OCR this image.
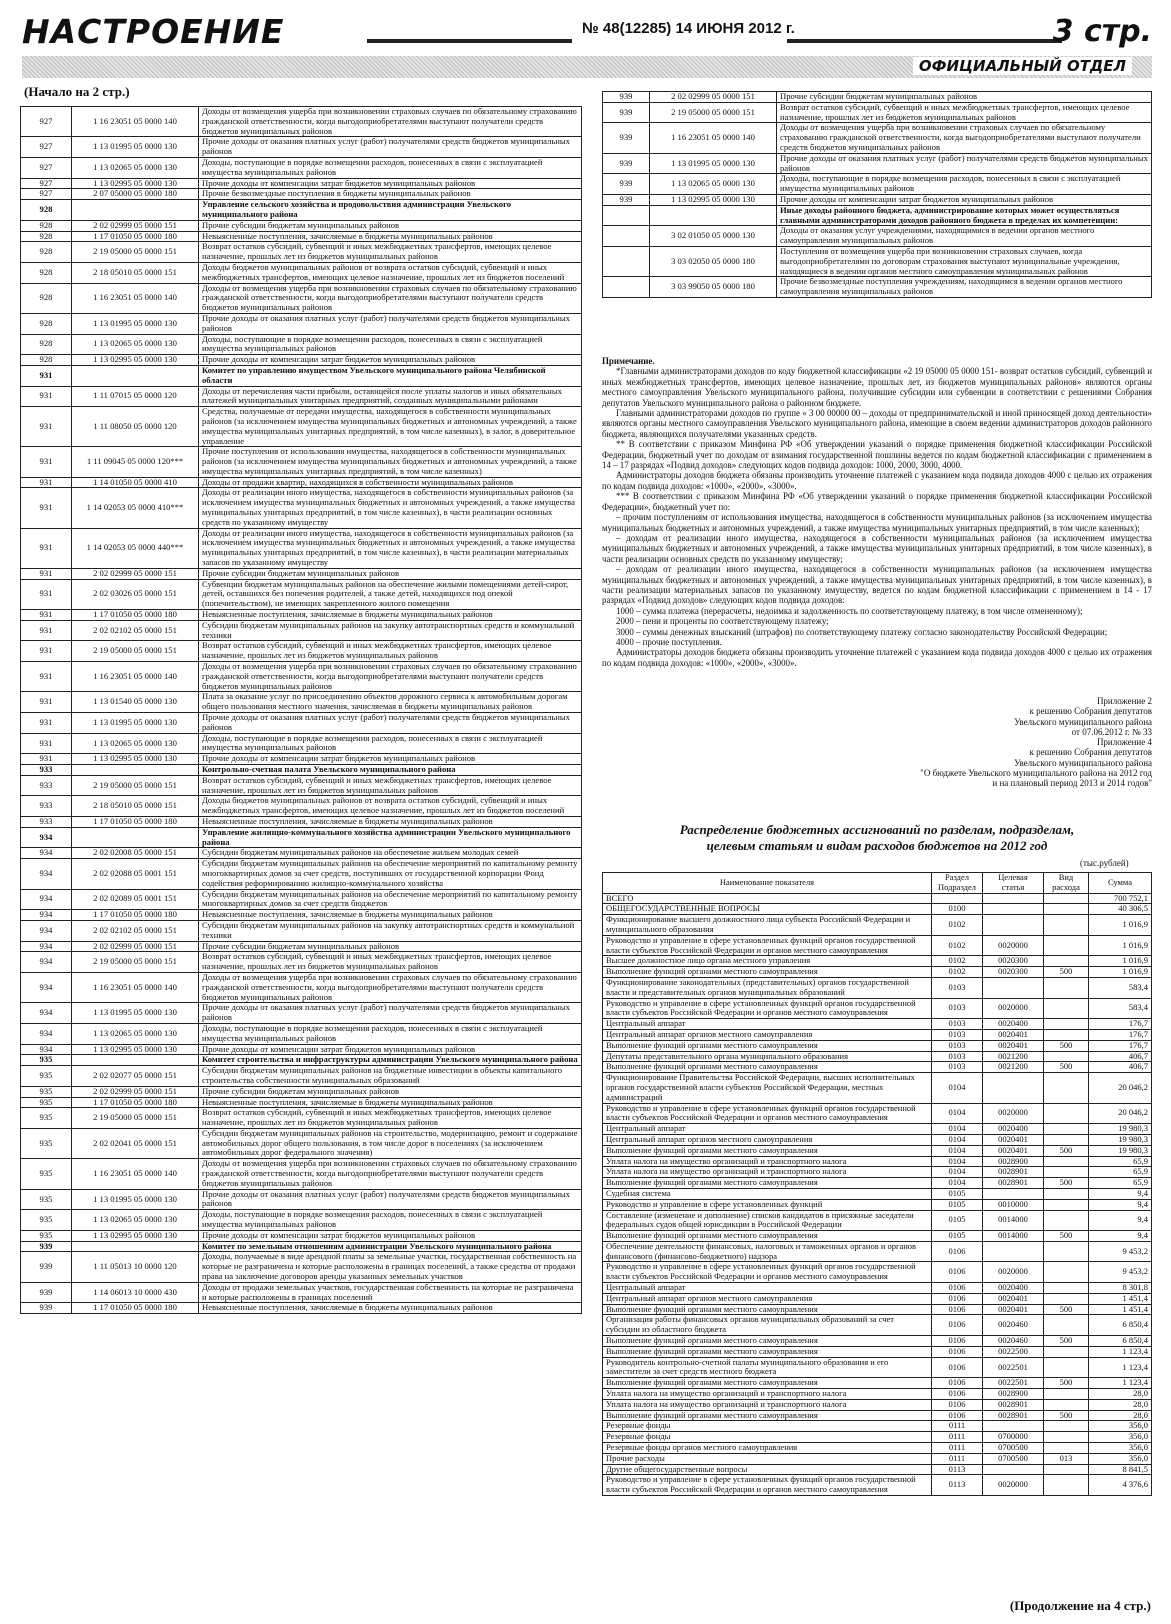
НАСТРОЕНИЕ	№ 48(12285) 14 ИЮНЯ 2012 г.	3 стр.
ОФИЦИАЛЬНЫЙ ОТДЕЛ
(Начало на 2 стр.)
927	1 16 23051 05 0000 140	Доходы от возмещения ущерба при возникновении страховых случаев по обязательному страхованию гражданской ответственности, когда выгодоприобретателями выступают получатели средств бюджетов муниципальных районов
927	1 13 01995 05 0000 130	Прочие доходы от оказания платных услуг (работ) получателями средств бюджетов муниципальных районов
927	1 13 02065 05 0000 130	Доходы, поступающие в порядке возмещения расходов, понесенных в связи с эксплуатацией имущества муниципальных районов
927	1 13 02995 05 0000 130	Прочие доходы от компенсации затрат бюджетов муниципальных районов
927	2 07 05000 05 0000 180	Прочие безвозмездные поступления в бюджеты муниципальных районов
928		Управление сельского хозяйства и продовольствия администрации Увельского муниципального района
928	2 02 02999 05 0000 151	Прочие субсидии бюджетам муниципальных районов
928	1 17 01050 05 0000 180	Невыясненные поступления, зачисляемые в бюджеты муниципальных районов
928	2 19 05000 05 0000 151	Возврат остатков субсидий, субвенций и иных межбюджетных трансфертов, имеющих целевое назначение, прошлых лет из бюджетов муниципальных районов
928	2 18 05010 05 0000 151	Доходы бюджетов муниципальных районов от возврата остатков субсидий, субвенций и иных межбюджетных трансфертов, имеющих целевое назначение, прошлых лет из бюджетов поселений
928	1 16 23051 05 0000 140	Доходы от возмещения ущерба при возникновении страховых случаев по обязательному страхованию гражданской ответственности, когда выгодоприобретателями выступают получатели средств бюджетов муниципальных районов
928	1 13 01995 05 0000 130	Прочие доходы от оказания платных услуг (работ) получателями средств бюджетов муниципальных районов
928	1 13 02065 05 0000 130	Доходы, поступающие в порядке возмещения расходов, понесенных в связи с эксплуатацией имущества муниципальных районов
928	1 13 02995 05 0000 130	Прочие доходы от компенсации затрат бюджетов муниципальных районов
931		Комитет по управлению имуществом Увельского муниципального района Челябинской области
931	1 11 07015 05 0000 120	Доходы от перечисления части прибыли, остающейся после уплаты налогов и иных обязательных платежей муниципальных унитарных предприятий, созданных муниципальными районами
931	1 11 08050 05 0000 120	Средства, получаемые от передачи имущества, находящегося в собственности муниципальных районов (за исключением имущества муниципальных бюджетных и автономных учреждений, а также имущества муниципальных унитарных предприятий, в том числе казенных), в залог, в доверительное управление
931	1 11 09045 05 0000 120***	Прочие поступления от использования имущества, находящегося в собственности муниципальных районов (за исключением имущества муниципальных бюджетных и автономных учреждений, а также имущества муниципальных унитарных предприятий, в том числе казенных)
931	1 14 01050 05 0000 410	Доходы от продажи квартир, находящихся в собственности муниципальных районов
931	1 14 02053 05 0000 410***	Доходы от реализации иного имущества, находящегося в собственности муниципальных районов (за исключением имущества муниципальных бюджетных и автономных учреждений, а также имущества муниципальных унитарных предприятий, в том числе казенных), в части реализации основных средств по указанному имуществу
931	1 14 02053 05 0000 440***	Доходы от реализации иного имущества, находящегося в собственности муниципальных районов (за исключением имущества муниципальных бюджетных и автономных учреждений, а также имущества муниципальных унитарных предприятий, в том числе казенных), в части реализации материальных запасов по указанному имуществу
931	2 02 02999 05 0000 151	Прочие субсидии бюджетам муниципальных районов
931	2 02 03026 05 0000 151	Субвенции бюджетам муниципальных районов на обеспечение жилыми помещениями детей-сирот, детей, оставшихся без попечения родителей, а также детей, находящихся под опекой (попечительством), не имеющих закрепленного жилого помещения
931	1 17 01050 05 0000 180	Невыясненные поступления, зачисляемые в бюджеты муниципальных районов
931	2 02 02102 05 0000 151	Субсидии бюджетам муниципальных районов на закупку автотранспортных средств и коммунальной техники
931	2 19 05000 05 0000 151	Возврат остатков субсидий, субвенций и иных межбюджетных трансфертов, имеющих целевое назначение, прошлых лет из бюджетов муниципальных районов
931	1 16 23051 05 0000 140	Доходы от возмещения ущерба при возникновении страховых случаев по обязательному страхованию гражданской ответственности, когда выгодоприобретателями выступают получатели средств бюджетов муниципальных районов
931	1 13 01540 05 0000 130	Плата за оказание услуг по присоединению объектов дорожного сервиса к автомобильным дорогам общего пользования местного значения, зачисляемая в бюджеты муниципальных районов
931	1 13 01995 05 0000 130	Прочие доходы от оказания платных услуг (работ) получателями средств бюджетов муниципальных районов
931	1 13 02065 05 0000 130	Доходы, поступающие в порядке возмещения расходов, понесенных в связи с эксплуатацией имущества муниципальных районов
931	1 13 02995 05 0000 130	Прочие доходы от компенсации затрат бюджетов муниципальных районов
933		Контрольно-счетная палата Увельского муниципального района
933	2 19 05000 05 0000 151	Возврат остатков субсидий, субвенций и иных межбюджетных трансфертов, имеющих целевое назначение, прошлых лет из бюджетов муниципальных районов
933	2 18 05010 05 0000 151	Доходы бюджетов муниципальных районов от возврата остатков субсидий, субвенций и иных межбюджетных трансфертов, имеющих целевое назначение, прошлых лет из бюджетов поселений
933	1 17 01050 05 0000 180	Невыясненные поступления, зачисляемые в бюджеты муниципальных районов
934		Управление жилищно-коммунального хозяйства администрации Увельского муниципального района
934	2 02 02008 05 0000 151	Субсидии бюджетам муниципальных районов на обеспечение жильем молодых семей
934	2 02 02088 05 0001 151	Субсидии бюджетам муниципальных районов на обеспечение мероприятий по капитальному ремонту многоквартирных домов за счет средств, поступивших от государственной корпорации Фонд содействия реформированию жилищно-коммунального хозяйства
934	2 02 02089 05 0001 151	Субсидии бюджетам муниципальных районов на обеспечение мероприятий по капитальному ремонту многоквартирных домов за счет средств бюджетов
934	1 17 01050 05 0000 180	Невыясненные поступления, зачисляемые в бюджеты муниципальных районов
934	2 02 02102 05 0000 151	Субсидии бюджетам муниципальных районов на закупку автотранспортных средств и коммунальной техники
934	2 02 02999 05 0000 151	Прочие субсидии бюджетам муниципальных районов
934	2 19 05000 05 0000 151	Возврат остатков субсидий, субвенций и иных межбюджетных трансфертов, имеющих целевое назначение, прошлых лет из бюджетов муниципальных районов
934	1 16 23051 05 0000 140	Доходы от возмещения ущерба при возникновении страховых случаев по обязательному страхованию гражданской ответственности, когда выгодоприобретателями выступают получатели средств бюджетов муниципальных районов
934	1 13 01995 05 0000 130	Прочие доходы от оказания платных услуг (работ) получателями средств бюджетов муниципальных районов
934	1 13 02065 05 0000 130	Доходы, поступающие в порядке возмещения расходов, понесенных в связи с эксплуатацией имущества муниципальных районов
934	1 13 02995 05 0000 130	Прочие доходы от компенсации затрат бюджетов муниципальных районов
935		Комитет строительства и инфраструктуры администрации Увельского муниципального района
935	2 02 02077 05 0000 151	Субсидии бюджетам муниципальных районов на бюджетные инвестиции в объекты капитального строительства собственности муниципальных образований
935	2 02 02999 05 0000 151	Прочие субсидии бюджетам муниципальных районов
935	1 17 01050 05 0000 180	Невыясненные поступления, зачисляемые в бюджеты муниципальных районов
935	2 19 05000 05 0000 151	Возврат остатков субсидий, субвенций и иных межбюджетных трансфертов, имеющих целевое назначение, прошлых лет из бюджетов муниципальных районов
935	2 02 02041 05 0000 151	Субсидии бюджетам муниципальных районов на строительство, модернизацию, ремонт и содержание автомобильных дорог общего пользования, в том числе дорог в поселениях (за исключением автомобильных дорог федерального значения)
935	1 16 23051 05 0000 140	Доходы от возмещения ущерба при возникновении страховых случаев по обязательному страхованию гражданской ответственности, когда выгодоприобретателями выступают получатели средств бюджетов муниципальных районов
935	1 13 01995 05 0000 130	Прочие доходы от оказания платных услуг (работ) получателями средств бюджетов муниципальных районов
935	1 13 02065 05 0000 130	Доходы, поступающие в порядке возмещения расходов, понесенных в связи с эксплуатацией имущества муниципальных районов
935	1 13 02995 05 0000 130	Прочие доходы от компенсации затрат бюджетов муниципальных районов
939		Комитет по земельным отношениям администрации Увельского муниципального района
939	1 11 05013 10 0000 120	Доходы, получаемые в виде арендной платы за земельные участки, государственная собственность на которые не разграничена и которые расположены в границах поселений, а также средства от продажи права на заключение договоров аренды указанных земельных участков
939	1 14 06013 10 0000 430	Доходы от продажи земельных участков, государственная собственность на которые не разграничена и которые расположены в границах поселений
939	1 17 01050 05 0000 180	Невыясненные поступления, зачисляемые в бюджеты муниципальных районов
939	2 02 02999 05 0000 151	Прочие субсидии бюджетам муниципальных районов
939	2 19 05000 05 0000 151	Возврат остатков субсидий, субвенций и иных межбюджетных трансфертов, имеющих целевое назначение, прошлых лет из бюджетов муниципальных районов
939	1 16 23051 05 0000 140	Доходы от возмещения ущерба при возникновении страховых случаев по обязательному страхованию гражданской ответственности, когда выгодоприобретателями выступают получатели средств бюджетов муниципальных районов
939	1 13 01995 05 0000 130	Прочие доходы от оказания платных услуг (работ) получателями средств бюджетов муниципальных районов
939	1 13 02065 05 0000 130	Доходы, поступающие в порядке возмещения расходов, понесенных в связи с эксплуатацией имущества муниципальных районов
939	1 13 02995 05 0000 130	Прочие доходы от компенсации затрат бюджетов муниципальных районов
		Иные доходы районного бюджета, администрирование которых может осуществляться главными администраторами доходов районного бюджета в пределах их компетенции:
	3 02 01050 05 0000 130	Доходы от оказания услуг учреждениями, находящимися в ведении органов местного самоуправления муниципальных районов
	3 03 02050 05 0000 180	Поступления от возмещения ущерба при возникновении страховых случаев, когда выгодоприобретателями по договорам страхования выступают муниципальные учреждения, находящиеся в ведении органов местного самоуправления муниципальных районов
	3 03 99050 05 0000 180	Прочие безвозмездные поступления учреждениям, находящимся в ведении органов местного самоуправления муниципальных районов

Примечание.

*Главными администраторами доходов по коду бюджетной классификации «2 19 05000 05 0000 151- возврат остатков субсидий, субвенций и иных межбюджетных трансфертов, имеющих целевое назначение, прошлых лет, из бюджетов муниципальных районов» являются органы местного самоуправления Увельского муниципального района, получившие субсидии или субвенции в соответствии с решениями Собрания депутатов Увельского муниципального района о районном бюджете.

Главными администраторами доходов по группе « 3 00 00000 00 – доходы от предпринимательской и иной приносящей доход деятельности» являются органы местного самоуправления Увельского муниципального района, имеющие в своем ведении администраторов доходов районного бюджета, являющихся получателями указанных средств.

** В соответствии с приказом Минфина РФ «Об утверждении указаний о порядке применения бюджетной классификации Российской Федерации, бюджетный учет по доходам от взимания государственной пошлины ведется по кодам бюджетной классификации с применением в 14 – 17 разрядах «Подвид доходов» следующих кодов подвида доходов: 1000, 2000, 3000, 4000.

Администраторы доходов бюджета обязаны производить уточнение платежей с указанием кода подвида доходов 4000 с целью их отражения по кодам подвида доходов: «1000», «2000», «3000».

*** В соответствии с приказом Минфина РФ «Об утверждении указаний о порядке применения бюджетной классификации Российской Федерации», бюджетный учет по:

– прочим поступлениям от использования имущества, находящегося в собственности муниципальных районов (за исключением имущества муниципальных бюджетных и автономных учреждений, а также имущества муниципальных унитарных предприятий, в том числе казенных);

– доходам от реализации иного имущества, находящегося в собственности муниципальных районов (за исключением имущества муниципальных бюджетных и автономных учреждений, а также имущества муниципальных унитарных предприятий, в том числе казенных), в части реализации основных средств по указанному имуществу;

– доходам от реализации иного имущества, находящегося в собственности муниципальных районов (за исключением имущества муниципальных бюджетных и автономных учреждений, а также имущества муниципальных унитарных предприятий, в том числе казенных), в части реализации материальных запасов по указанному имуществу, ведется по кодам бюджетной классификации с применением в 14 - 17 разрядах «Подвид доходов» следующих кодов подвида доходов:

1000 – сумма платежа (перерасчеты, недоимка и задолженность по соответствующему платежу, в том числе отмененному);

2000 – пени и проценты по соответствующему платежу;

3000 – суммы денежных взысканий (штрафов) по соответствующему платежу согласно законодательству Российской Федерации;

4000 – прочие поступления.

Администраторы доходов бюджета обязаны производить уточнение платежей с указанием кода подвида доходов 4000 с целью их отражения по кодам подвида доходов: «1000», «2000», «3000».

Приложение 2
к решению Собрания депутатов
Увельского муниципального района
от 07.06.2012 г. № 33
Приложение 4
к решению Собрания депутатов
Увельского муниципального района
"О бюджете Увельского муниципального района на 2012 год
и на плановый период 2013 и 2014 годов"
Распределение бюджетных ассигнований по разделам, подразделам,
целевым статьям и видам расходов бюджетов на 2012 год
(тыс.рублей)
Наименование показателя	Раздел Подраздел	Целевая статья	Вид расхода	Сумма
ВСЕГО				700 752,1
ОБЩЕГОСУДАРСТВЕННЫЕ ВОПРОСЫ	0100			40 306,5
Функционирование высшего должностного лица субъекта Российской Федерации и муниципального образования	0102			1 016,9
Руководство и управление в сфере установленных функций органов государственной власти субъектов Российской Федерации и органов местного самоуправления	0102	0020000		1 016,9
Высшее должностное лицо органа местного управления	0102	0020300		1 016,9
Выполнение функций органами местного самоуправления	0102	0020300	500	1 016,9
Функционирование законодательных (представительных) органов государственной власти и представительных органов муниципальных образований	0103			583,4
Руководство и управление в сфере установленных функций органов государственной власти субъектов Российской Федерации и органов местного самоуправления	0103	0020000		583,4
Центральный аппарат	0103	0020400		176,7
Центральный аппарат органов местного самоуправления	0103	0020401		176,7
Выполнение функций органами местного самоуправления	0103	0020401	500	176,7
Депутаты представительного органа муниципального образования	0103	0021200		406,7
Выполнение функций органами местного самоуправления	0103	0021200	500	406,7
Функционирование Правительства Российской Федерации, высших исполнительных органов государственной власти субъектов Российской Федерации, местных администраций	0104			20 046,2
Руководство и управление в сфере установленных функций органов государственной власти субъектов Российской Федерации и органов местного самоуправления	0104	0020000		20 046,2
Центральный аппарат	0104	0020400		19 980,3
Центральный аппарат органов местного самоуправления	0104	0020401		19 980,3
Выполнение функций органами местного самоуправления	0104	0020401	500	19 980,3
Уплата налога на имущество организаций и транспортного налога	0104	0028900		65,9
Уплата налога на имущество организаций и транспортного налога	0104	0028901		65,9
Выполнение функций органами местного самоуправления	0104	0028901	500	65,9
Судебная система	0105			9,4
Руководство и управление в сфере установленных функций	0105	0010000		9,4
Составление (изменение и дополнение) списков кандидатов в присяжные заседатели федеральных судов общей юрисдикции в Российской Федерации	0105	0014000		9,4
Выполнение функций органами местного самоуправления	0105	0014000	500	9,4
Обеспечение деятельности финансовых, налоговых и таможенных органов и органов финансового (финансово-бюджетного) надзора	0106			9 453,2
Руководство и управление в сфере установленных функций органов государственной власти субъектов Российской Федерации и органов местного самоуправления	0106	0020000		9 453,2
Центральный аппарат	0106	0020400		8 301,8
Центральный аппарат органов местного самоуправления	0106	0020401		1 451,4
Выполнение функций органами местного самоуправления	0106	0020401	500	1 451,4
Организация работы финансовых органов муниципальных образований за счет субсидии из областного бюджета	0106	0020460		6 850,4
Выполнение функций органами местного самоуправления	0106	0020460	500	6 850,4
Выполнение функций органами местного самоуправления	0106	0022500		1 123,4
Руководитель контрольно-счетной палаты муниципального образования и его заместители за счет средств местного бюджета	0106	0022501		1 123,4
Выполнение функций органами местного самоуправления	0106	0022501	500	1 123,4
Уплата налога на имущество организаций и транспортного налога	0106	0028900		28,0
Уплата налога на имущество организаций и транспортного налога	0106	0028901		28,0
Выполнение функций органами местного самоуправления	0106	0028901	500	28,0
Резервные фонды	0111			356,0
Резервные фонды	0111	0700000		356,0
Резервные фонды органов местного самоуправления	0111	0700500		356,0
Прочие расходы	0111	0700500	013	356,0
Другие общегосударственные вопросы	0113			8 841,5
Руководство и управление в сфере установленных функций органов государственной власти субъектов Российской Федерации и органов местного самоуправления	0113	0020000		4 376,6
(Продолжение на 4 стр.)
